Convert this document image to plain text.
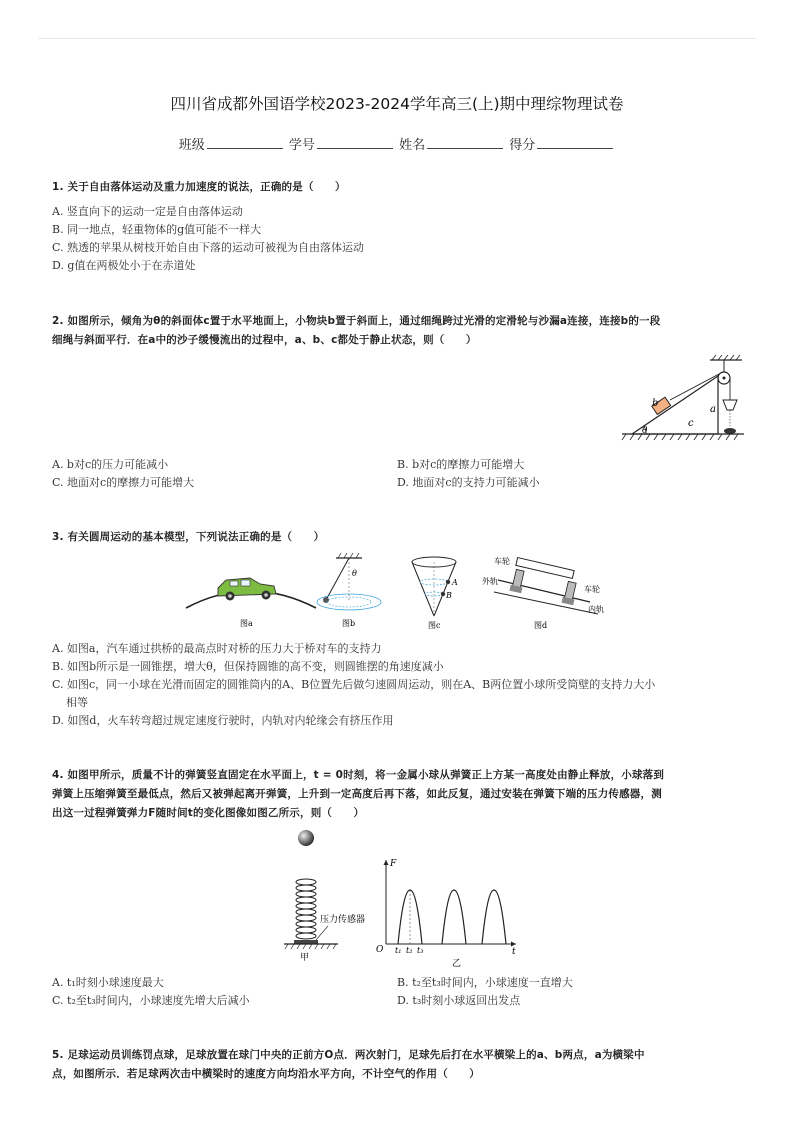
四川省成都外国语学校2023-2024学年高三(上)期中理综物理试卷
班级	学号	姓名	得分
1. 关于自由落体运动及重力加速度的说法，正确的是（　　）
A. 竖直向下的运动一定是自由落体运动
B. 同一地点，轻重物体的g值可能不一样大
C. 熟透的苹果从树枝开始自由下落的运动可被视为自由落体运动
D. g值在两极处小于在赤道处
2. 如图所示，倾角为θ的斜面体c置于水平地面上，小物块b置于斜面上，通过细绳跨过光滑的定滑轮与沙漏a连接，连接b的一段
细绳与斜面平行．在a中的沙子缓慢流出的过程中，a、b、c都处于静止状态，则（　　）
θ
b
c
a
A. b对c的压力可能减小	B. b对c的摩擦力可能增大
C. 地面对c的摩擦力可能增大	D. 地面对c的支持力可能减小
3. 有关圆周运动的基本模型，下列说法正确的是（　　）
图a
θ
图b
A
B
图c
车轮
外轨
车轮
内轨
图d
A. 如图a，汽车通过拱桥的最高点时对桥的压力大于桥对车的支持力
B. 如图b所示是一圆锥摆，增大θ，但保持圆锥的高不变，则圆锥摆的角速度减小
C. 如图c，同一小球在光滑而固定的圆锥筒内的A、B位置先后做匀速圆周运动，则在A、B两位置小球所受筒壁的支持力大小
相等
D. 如图d，火车转弯超过规定速度行驶时，内轨对内轮缘会有挤压作用
4. 如图甲所示，质量不计的弹簧竖直固定在水平面上，t = 0时刻，将一金属小球从弹簧正上方某一高度处由静止释放，小球落到
弹簧上压缩弹簧至最低点，然后又被弹起离开弹簧，上升到一定高度后再下落，如此反复，通过安装在弹簧下端的压力传感器，测
出这一过程弹簧弹力F随时间t的变化图像如图乙所示，则（　　）
压力传感器
甲
F
t
O t₁ t₂ t₃
乙
A. t₁时刻小球速度最大	B. t₂至t₃时间内，小球速度一直增大
C. t₂至t₃时间内，小球速度先增大后减小	D. t₃时刻小球返回出发点
5. 足球运动员训练罚点球，足球放置在球门中央的正前方O点．两次射门，足球先后打在水平横梁上的a、b两点，a为横梁中
点，如图所示．若足球两次击中横梁时的速度方向均沿水平方向，不计空气的作用（　　）
